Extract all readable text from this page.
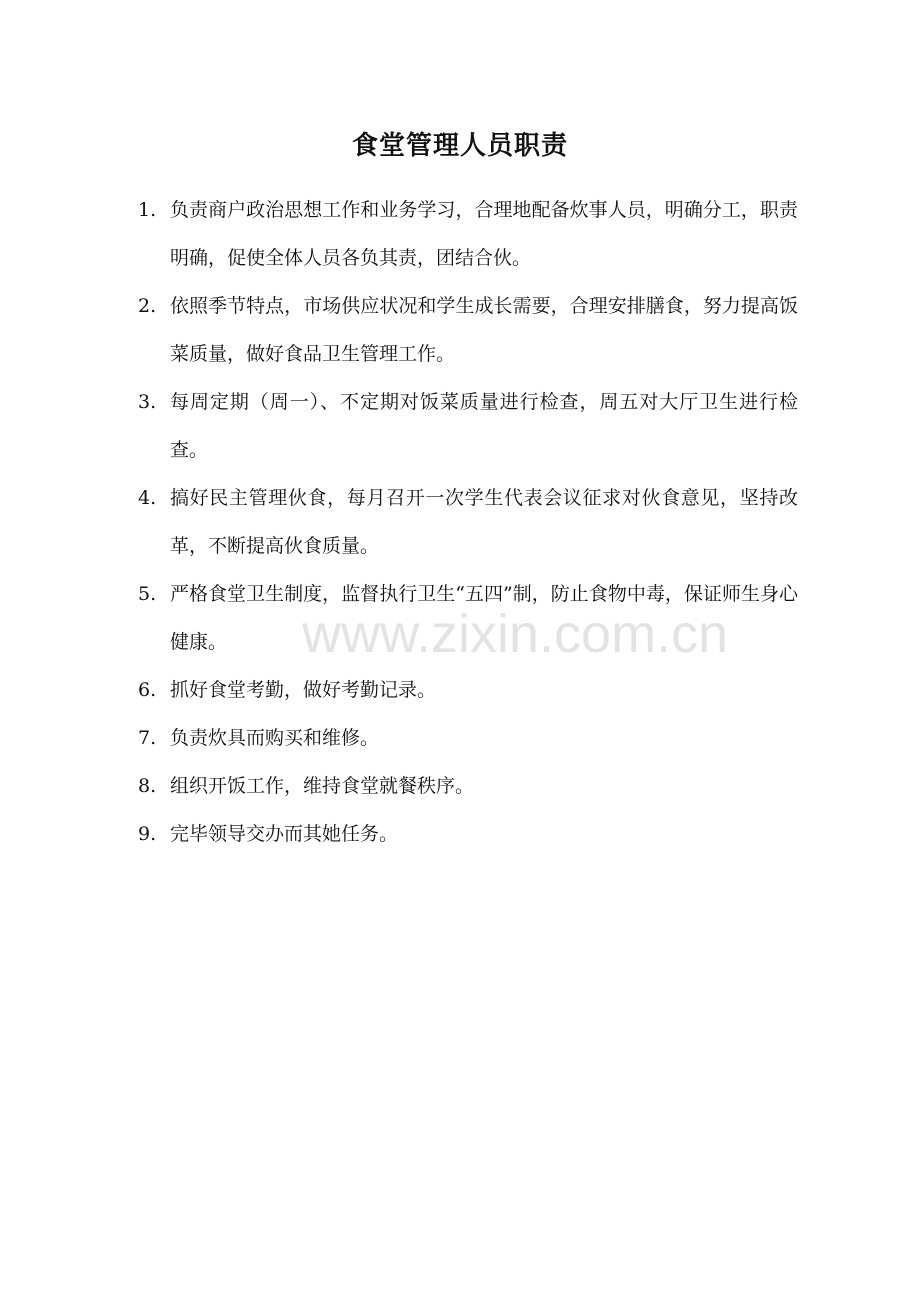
食堂管理人员职责
1. 负责商户政治思想工作和业务学习，合理地配备炊事人员，明确分工，职责明确，促使全体人员各负其责，团结合伙。
2. 依照季节特点，市场供应状况和学生成长需要，合理安排膳食，努力提高饭菜质量，做好食品卫生管理工作。
3. 每周定期（周一）、不定期对饭菜质量进行检查，周五对大厅卫生进行检查。
4. 搞好民主管理伙食，每月召开一次学生代表会议征求对伙食意见，坚持改革，不断提高伙食质量。
5. 严格食堂卫生制度，监督执行卫生“五四”制，防止食物中毒，保证师生身心健康。
6. 抓好食堂考勤，做好考勤记录。
7. 负责炊具而购买和维修。
8. 组织开饭工作，维持食堂就餐秩序。
9. 完毕领导交办而其她任务。
www.zixin.com.cn
